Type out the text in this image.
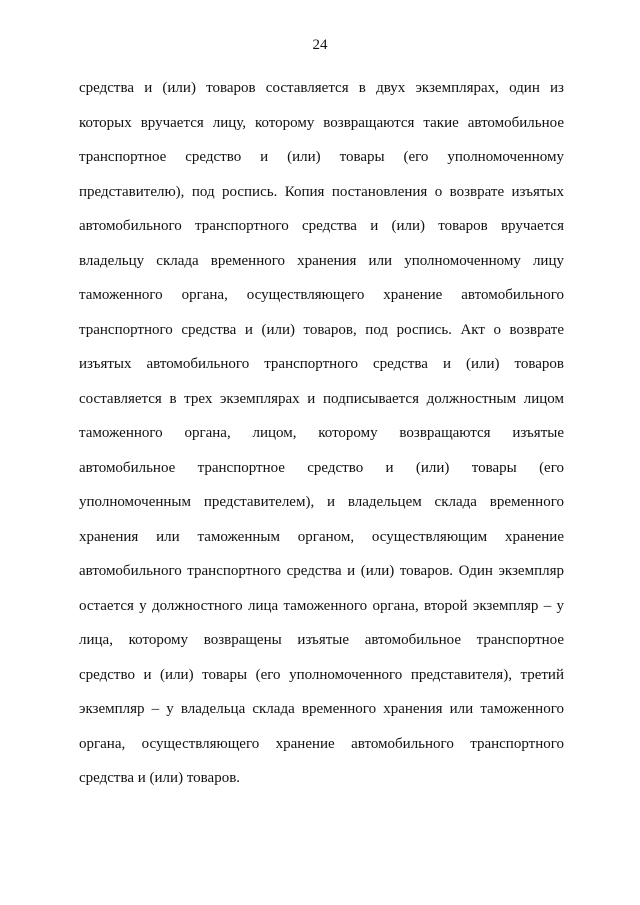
24
средства и (или) товаров составляется в двух экземплярах, один из
которых вручается лицу, которому возвращаются такие автомобильное
транспортное средство и (или) товары (его уполномоченному
представителю), под роспись. Копия постановления о возврате изъятых
автомобильного транспортного средства и (или) товаров вручается
владельцу склада временного хранения или уполномоченному лицу
таможенного органа, осуществляющего хранение автомобильного
транспортного средства и (или) товаров, под роспись. Акт о возврате
изъятых автомобильного транспортного средства и (или) товаров
составляется в трех экземплярах и подписывается должностным лицом
таможенного органа, лицом, которому возвращаются изъятые
автомобильное транспортное средство и (или) товары (его
уполномоченным представителем), и владельцем склада временного
хранения или таможенным органом, осуществляющим хранение
автомобильного транспортного средства и (или) товаров. Один экземпляр
остается у должностного лица таможенного органа, второй экземпляр – у
лица, которому возвращены изъятые автомобильное транспортное
средство и (или) товары (его уполномоченного представителя), третий
экземпляр – у владельца склада временного хранения или таможенного
органа, осуществляющего хранение автомобильного транспортного
средства и (или) товаров.
